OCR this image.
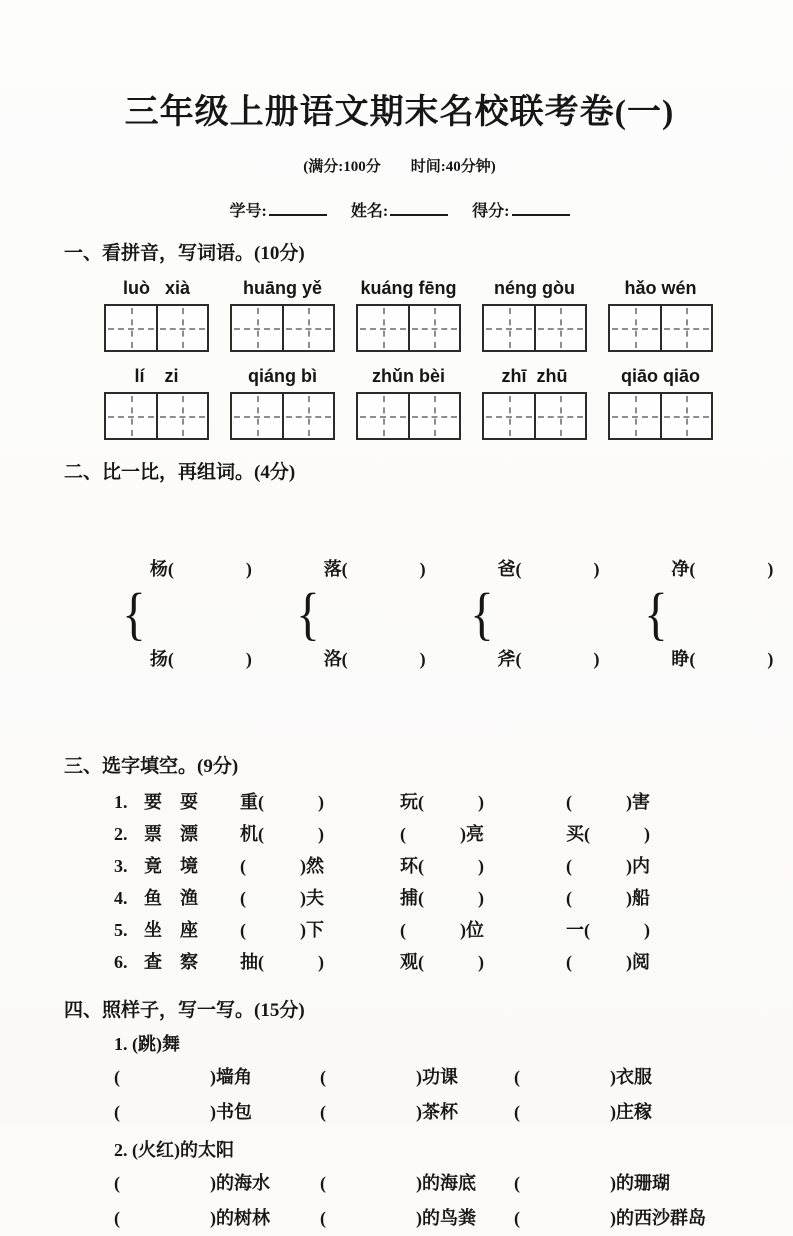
三年级上册语文期末名校联考卷(一)
(满分:100分　　时间:40分钟)
学号:	姓名:	得分:
一、看拼音，写词语。(10分)
luò   xià	huāng yě	kuáng fēng	néng gòu	hǎo wén
lí    zi	qiáng bì	zhǔn bèi	zhī  zhū	qiāo qiāo
二、比一比，再组词。(4分)
{

杨(　　　　)

扬(　　　　)

{

落(　　　　)

洛(　　　　)

{

爸(　　　　)

斧(　　　　)

{

净(　　　　)

睁(　　　　)

三、选字填空。(9分)
1. 要　耍	重(　　　)	玩(　　　)	(　　　)害
2. 票　漂	机(　　　)	(　　　)亮	买(　　　)
3. 竟　境	(　　　)然	环(　　　)	(　　　)内
4. 鱼　渔	(　　　)夫	捕(　　　)	(　　　)船
5. 坐　座	(　　　)下	(　　　)位	一(　　　)
6. 查　察	抽(　　　)	观(　　　)	(　　　)阅
四、照样子，写一写。(15分)
1. (跳)舞
(　　　　　)墙角	(　　　　　)功课	(　　　　　)衣服
(　　　　　)书包	(　　　　　)茶杯	(　　　　　)庄稼
2. (火红)的太阳
(　　　　　)的海水	(　　　　　)的海底	(　　　　　)的珊瑚
(　　　　　)的树林	(　　　　　)的鸟粪	(　　　　　)的西沙群岛
